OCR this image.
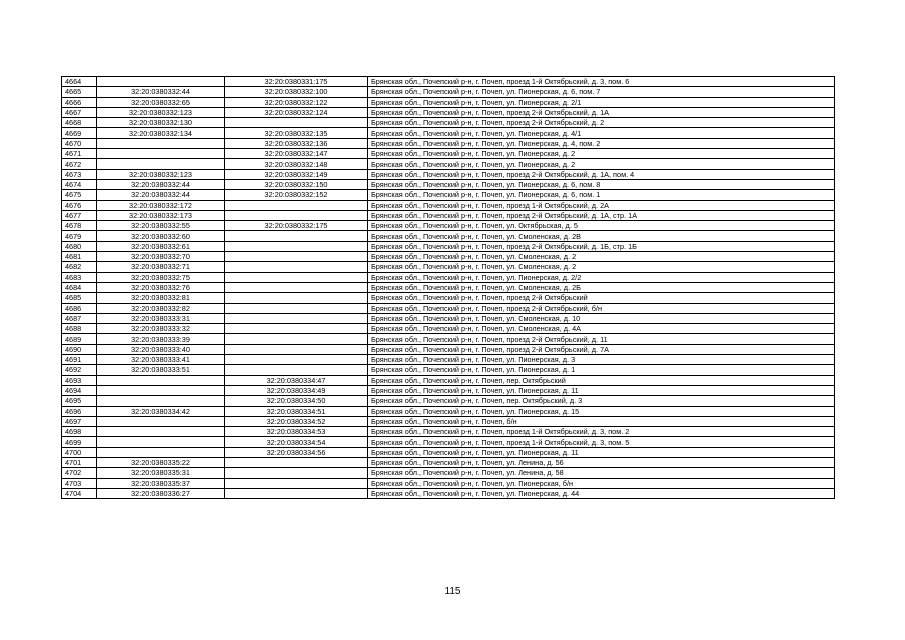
4664		32:20:0380331:175	Брянская обл., Почепский р-н, г. Почеп, проезд 1-й Октябрьский, д. 3, пом. 6
4665	32:20:0380332:44	32:20:0380332:100	Брянская обл., Почепский р-н, г. Почеп, ул. Пионерская, д. 6, пом. 7
4666	32:20:0380332:65	32:20:0380332:122	Брянская обл., Почепский р-н, г. Почеп, ул. Пионерская, д. 2/1
4667	32:20:0380332:123	32:20:0380332:124	Брянская обл., Почепский р-н, г. Почеп, проезд 2-й Октябрьский, д. 1А
4668	32:20:0380332:130		Брянская обл., Почепский р-н, г. Почеп, проезд 2-й Октябрьский, д. 2
4669	32:20:0380332:134	32:20:0380332:135	Брянская обл., Почепский р-н, г. Почеп, ул. Пионерская, д. 4/1
4670		32:20:0380332:136	Брянская обл., Почепский р-н, г. Почеп, ул. Пионерская, д. 4, пом. 2
4671		32:20:0380332:147	Брянская обл., Почепский р-н, г. Почеп, ул. Пионерская, д. 2
4672		32:20:0380332:148	Брянская обл., Почепский р-н, г. Почеп, ул. Пионерская, д. 2
4673	32:20:0380332:123	32:20:0380332:149	Брянская обл., Почепский р-н, г. Почеп, проезд 2-й Октябрьский, д. 1А, пом. 4
4674	32:20:0380332:44	32:20:0380332:150	Брянская обл., Почепский р-н, г. Почеп, ул. Пионерская, д. 6, пом. 8
4675	32:20:0380332:44	32:20:0380332:152	Брянская обл., Почепский р-н, г. Почеп, ул. Пионерская, д. 6, пом. 1
4676	32:20:0380332:172		Брянская обл., Почепский р-н, г. Почеп, проезд 1-й Октябрьский, д. 2А
4677	32:20:0380332:173		Брянская обл., Почепский р-н, г. Почеп, проезд 2-й Октябрьский, д. 1А, стр. 1А
4678	32:20:0380332:55	32:20:0380332:175	Брянская обл., Почепский р-н, г. Почеп, ул. Октябрьская, д. 5
4679	32:20:0380332:60		Брянская обл., Почепский р-н, г. Почеп, ул. Смоленская, д. 2В
4680	32:20:0380332:61		Брянская обл., Почепский р-н, г. Почеп, проезд 2-й Октябрьский, д. 1Б, стр. 1Б
4681	32:20:0380332:70		Брянская обл., Почепский р-н, г. Почеп, ул. Смоленская, д. 2
4682	32:20:0380332:71		Брянская обл., Почепский р-н, г. Почеп, ул. Смоленская, д. 2
4683	32:20:0380332:75		Брянская обл., Почепский р-н, г. Почеп, ул. Пионерская, д. 2/2
4684	32:20:0380332:76		Брянская обл., Почепский р-н, г. Почеп, ул. Смоленская, д. 2Б
4685	32:20:0380332:81		Брянская обл., Почепский р-н, г. Почеп, проезд 2-й Октябрьский
4686	32:20:0380332:82		Брянская обл., Почепский р-н, г. Почеп, проезд 2-й Октябрьский, б/н
4687	32:20:0380333:31		Брянская обл., Почепский р-н, г. Почеп, ул. Смоленская, д. 10
4688	32:20:0380333:32		Брянская обл., Почепский р-н, г. Почеп, ул. Смоленская, д. 4А
4689	32:20:0380333:39		Брянская обл., Почепский р-н, г. Почеп, проезд 2-й Октябрьский, д. 11
4690	32:20:0380333:40		Брянская обл., Почепский р-н, г. Почеп, проезд 2-й Октябрьский, д. 7А
4691	32:20:0380333:41		Брянская обл., Почепский р-н, г. Почеп, ул. Пионерская, д. 3
4692	32:20:0380333:51		Брянская обл., Почепский р-н, г. Почеп, ул. Пионерская, д. 1
4693		32:20:0380334:47	Брянская обл., Почепский р-н, г. Почеп, пер. Октябрьский
4694		32:20:0380334:49	Брянская обл., Почепский р-н, г. Почеп, ул. Пионерская, д. 11
4695		32:20:0380334:50	Брянская обл., Почепский р-н, г. Почеп, пер. Октябрьский, д. 3
4696	32:20:0380334:42	32:20:0380334:51	Брянская обл., Почепский р-н, г. Почеп, ул. Пионерская, д. 15
4697		32:20:0380334:52	Брянская обл., Почепский р-н, г. Почеп, б/н
4698		32:20:0380334:53	Брянская обл., Почепский р-н, г. Почеп, проезд 1-й Октябрьский, д. 3, пом. 2
4699		32:20:0380334:54	Брянская обл., Почепский р-н, г. Почеп, проезд 1-й Октябрьский, д. 3, пом. 5
4700		32:20:0380334:56	Брянская обл., Почепский р-н, г. Почеп, ул. Пионерская, д. 11
4701	32:20:0380335:22		Брянская обл., Почепский р-н, г. Почеп, ул. Ленина, д. 56
4702	32:20:0380335:31		Брянская обл., Почепский р-н, г. Почеп, ул. Ленина, д. 58
4703	32:20:0380335:37		Брянская обл., Почепский р-н, г. Почеп, ул. Пионерская, б/н
4704	32:20:0380336:27		Брянская обл., Почепский р-н, г. Почеп, ул. Пионерская, д. 44
115
